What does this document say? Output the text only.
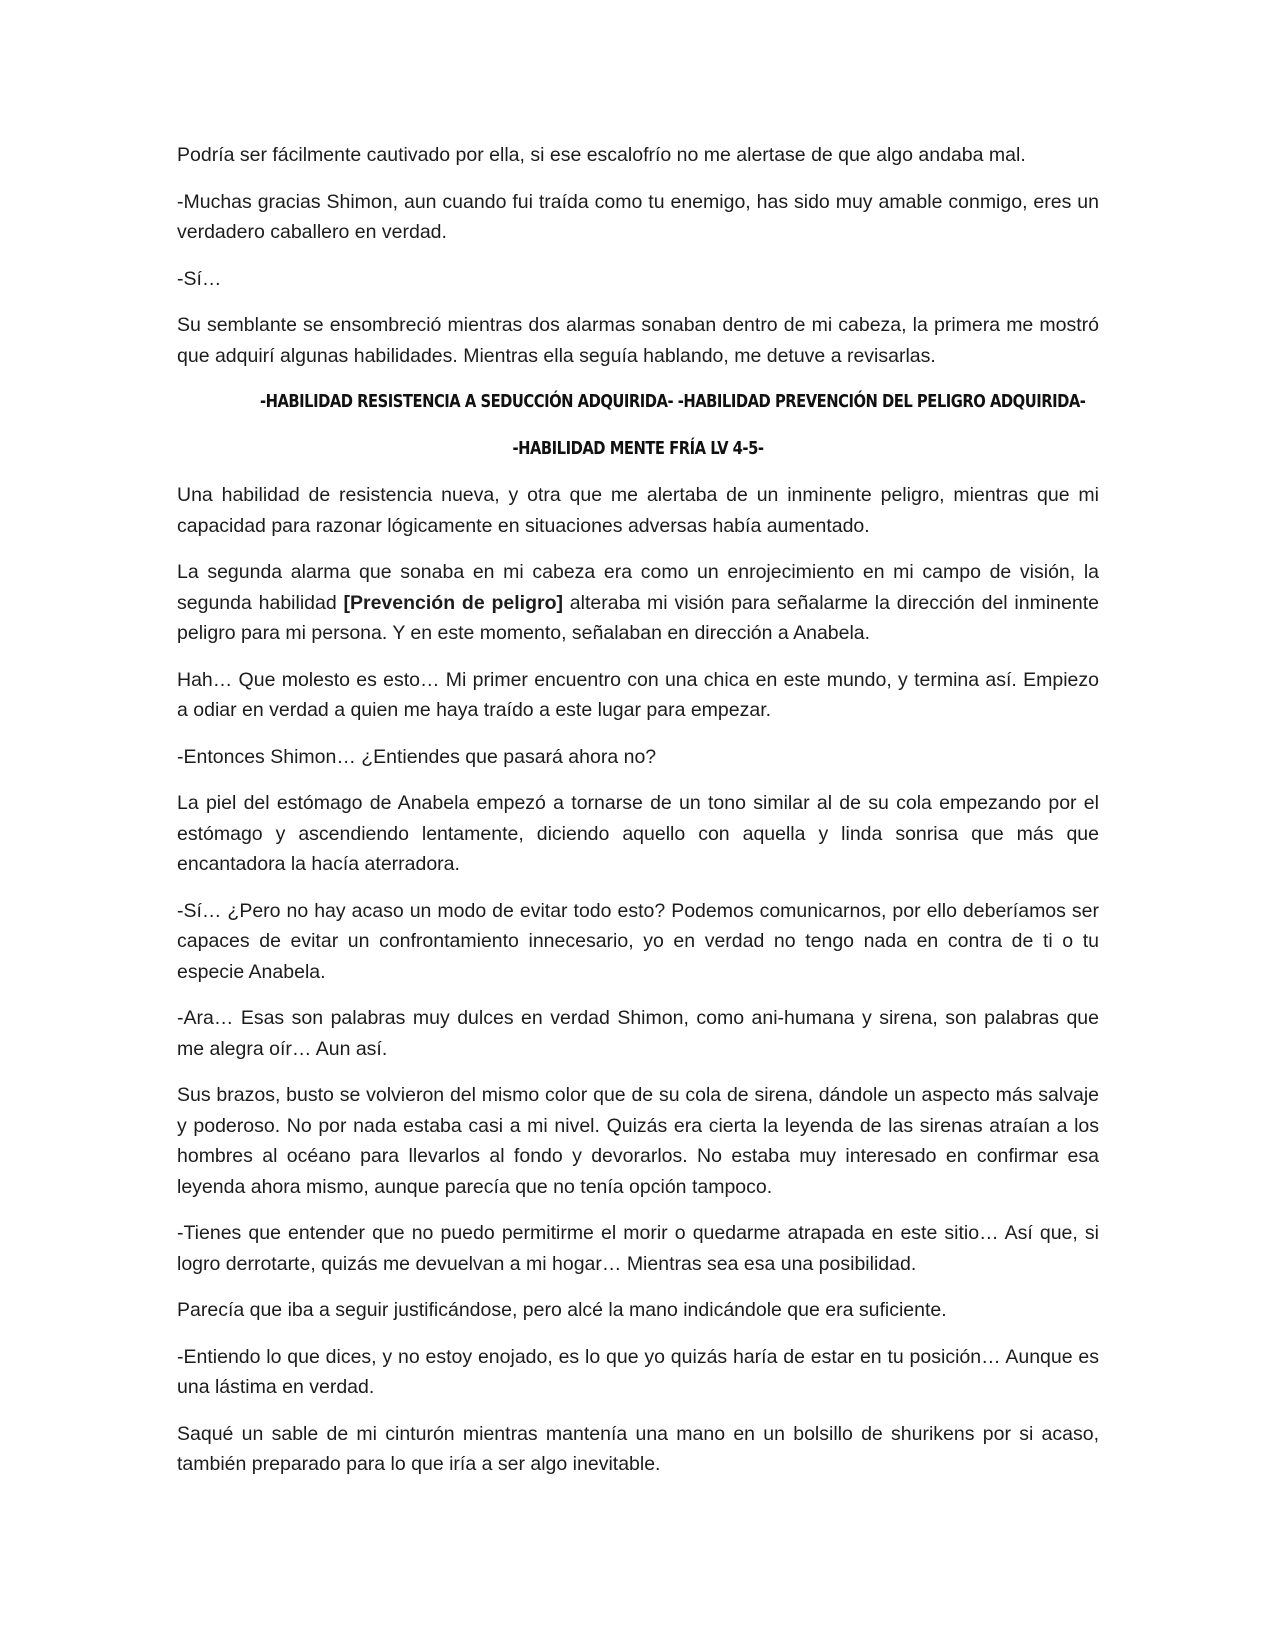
Podría ser fácilmente cautivado por ella, si ese escalofrío no me alertase de que algo andaba mal.

-Muchas gracias Shimon, aun cuando fui traída como tu enemigo, has sido muy amable conmigo, eres un verdadero caballero en verdad.

-Sí…

Su semblante se ensombreció mientras dos alarmas sonaban dentro de mi cabeza, la primera me mostró que adquirí algunas habilidades. Mientras ella seguía hablando, me detuve a revisarlas.

-HABILIDAD RESISTENCIA A SEDUCCIÓN ADQUIRIDA- -HABILIDAD PREVENCIÓN DEL PELIGRO ADQUIRIDA-
-HABILIDAD MENTE FRÍA LV 4-5-

Una habilidad de resistencia nueva, y otra que me alertaba de un inminente peligro, mientras que mi capacidad para razonar lógicamente en situaciones adversas había aumentado.

La segunda alarma que sonaba en mi cabeza era como un enrojecimiento en mi campo de visión, la segunda habilidad [Prevención de peligro] alteraba mi visión para señalarme la dirección del inminente peligro para mi persona. Y en este momento, señalaban en dirección a Anabela.

Hah… Que molesto es esto… Mi primer encuentro con una chica en este mundo, y termina así. Empiezo a odiar en verdad a quien me haya traído a este lugar para empezar.

-Entonces Shimon… ¿Entiendes que pasará ahora no?

La piel del estómago de Anabela empezó a tornarse de un tono similar al de su cola empezando por el estómago y ascendiendo lentamente, diciendo aquello con aquella y linda sonrisa que más que encantadora la hacía aterradora.

-Sí… ¿Pero no hay acaso un modo de evitar todo esto? Podemos comunicarnos, por ello deberíamos ser capaces de evitar un confrontamiento innecesario, yo en verdad no tengo nada en contra de ti o tu especie Anabela.

-Ara… Esas son palabras muy dulces en verdad Shimon, como ani-humana y sirena, son palabras que me alegra oír… Aun así.

Sus brazos, busto se volvieron del mismo color que de su cola de sirena, dándole un aspecto más salvaje y poderoso. No por nada estaba casi a mi nivel. Quizás era cierta la leyenda de las sirenas atraían a los hombres al océano para llevarlos al fondo y devorarlos. No estaba muy interesado en confirmar esa leyenda ahora mismo, aunque parecía que no tenía opción tampoco.

-Tienes que entender que no puedo permitirme el morir o quedarme atrapada en este sitio… Así que, si logro derrotarte, quizás me devuelvan a mi hogar… Mientras sea esa una posibilidad.

Parecía que iba a seguir justificándose, pero alcé la mano indicándole que era suficiente.

-Entiendo lo que dices, y no estoy enojado, es lo que yo quizás haría de estar en tu posición… Aunque es una lástima en verdad.

Saqué un sable de mi cinturón mientras mantenía una mano en un bolsillo de shurikens por si acaso, también preparado para lo que iría a ser algo inevitable.
